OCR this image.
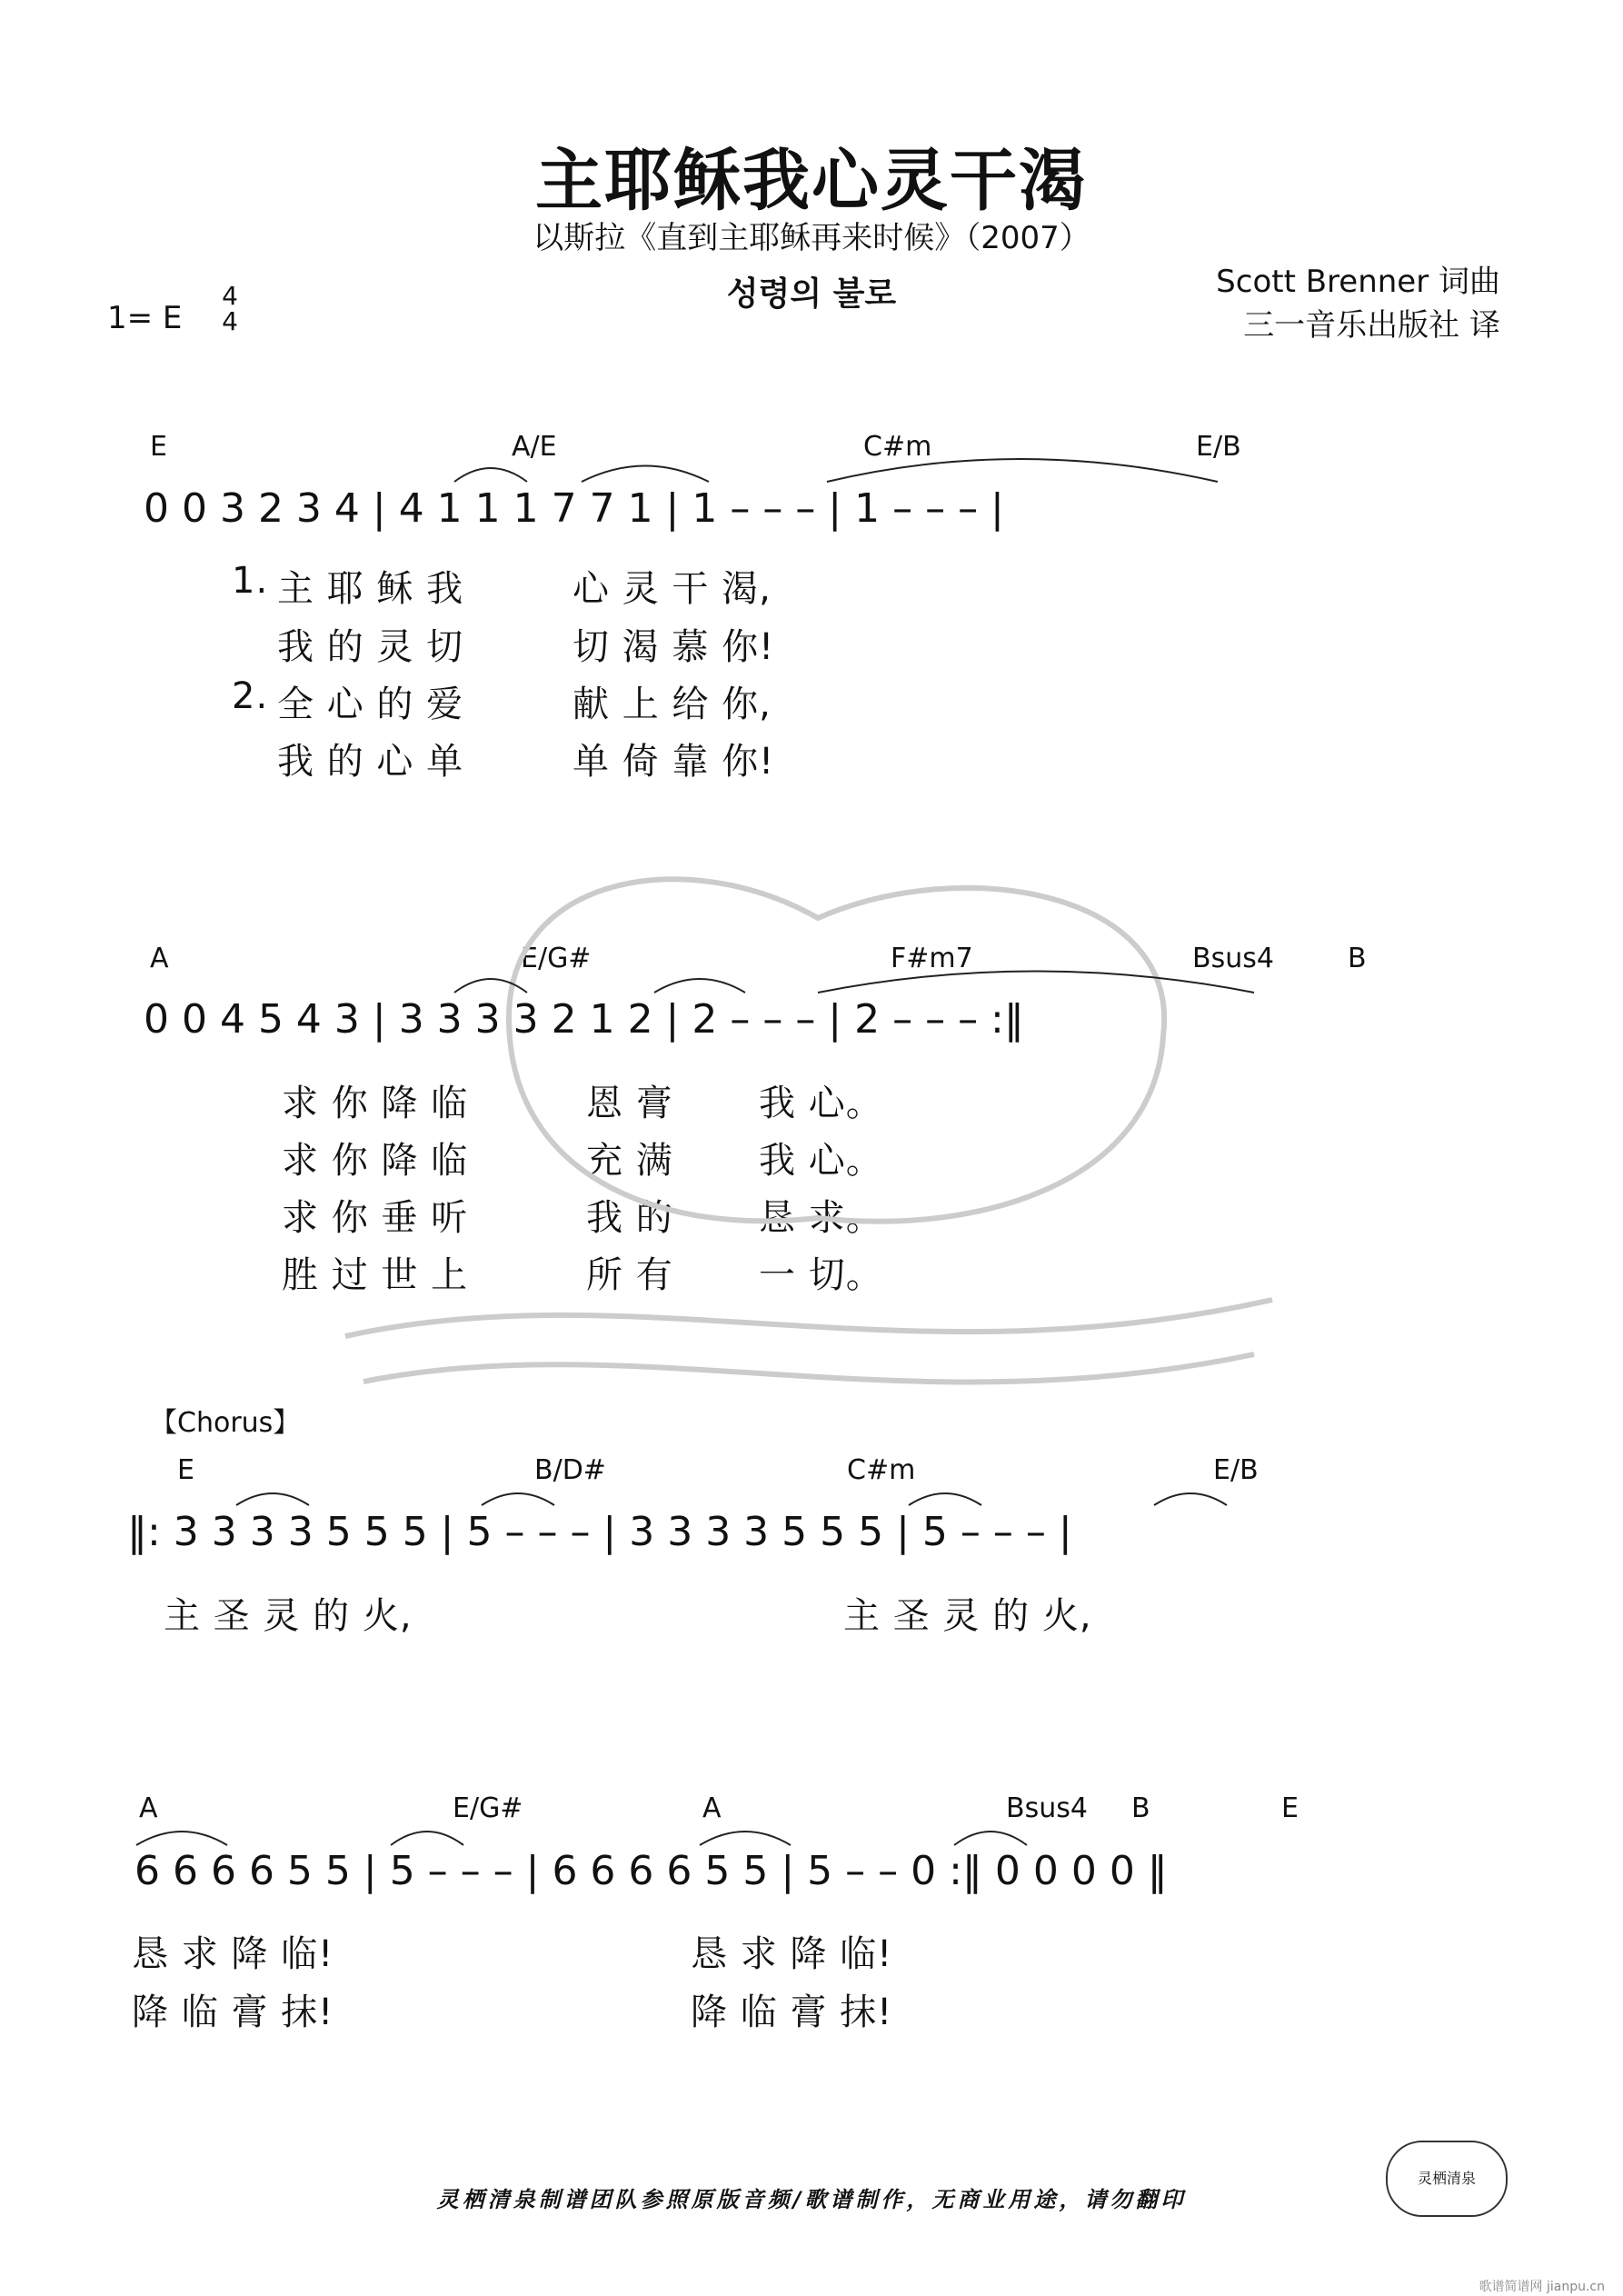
主耶稣我心灵干渴
以斯拉《直到主耶稣再来时候》（2007）
성령의 불로	Scott Brenner 词曲
三一音乐出版社 译
1= E
4
4
E	A/E	C#m	E/B
0 0 3 2 3 4 | 4 1 1 1 7 7 1 | 1 – – – | 1 – – – |
1. 主 耶 稣 我	心 灵 干 渴,
我 的 灵 切	切 渴 慕 你!
2. 全 心 的 爱	献 上 给 你,
我 的 心 单	单 倚 靠 你!
A	E/G#	F#m7	Bsus4	B
0 0 4 5 4 3 | 3 3 3 3 2 1 2 | 2 – – – | 2 – – – :‖
求 你 降 临	恩 膏 我 心。
求 你 降 临	充 满 我 心。
求 你 垂 听	我 的 恳 求。
胜 过 世 上	所 有 一 切。
【Chorus】
E	B/D#	C#m	E/B
‖: 3 3 3 3 5 5 5 | 5 – – – | 3 3 3 3 5 5 5 | 5 – – – |
主 圣 灵 的 火,	主 圣 灵 的 火,
A	E/G#	A	Bsus4 B	E
6 6 6 6 5 5 | 5 – – – | 6 6 6 6 5 5 | 5 – – 0 :‖ 0 0 0 0 ‖
恳 求 降 临!	恳 求 降 临!
降 临 膏 抹!	降 临 膏 抹!
灵栖清泉制谱团队参照原版音频/歌谱制作，无商业用途，请勿翻印
灵栖清泉
歌谱简谱网 jianpu.cn
